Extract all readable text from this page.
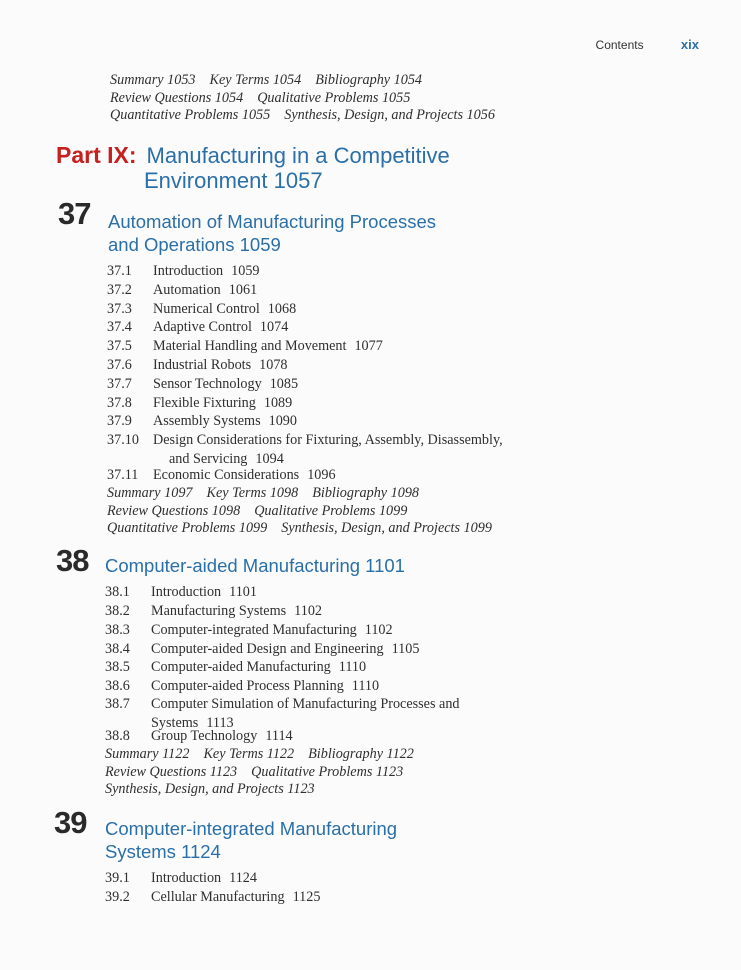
Contents	xix
Summary 1053 Key Terms 1054 Bibliography 1054
Review Questions 1054 Qualitative Problems 1055
Quantitative Problems 1055 Synthesis, Design, and Projects 1056
Part IX: Manufacturing in a Competitive
Environment 1057
37 Automation of Manufacturing Processes
and Operations 1059
37.1 Introduction 1059
37.2 Automation 1061
37.3 Numerical Control 1068
37.4 Adaptive Control 1074
37.5 Material Handling and Movement 1077
37.6 Industrial Robots 1078
37.7 Sensor Technology 1085
37.8 Flexible Fixturing 1089
37.9 Assembly Systems 1090
37.10 Design Considerations for Fixturing, Assembly, Disassembly,
and Servicing 1094
37.11 Economic Considerations 1096
Summary 1097 Key Terms 1098 Bibliography 1098
Review Questions 1098 Qualitative Problems 1099
Quantitative Problems 1099 Synthesis, Design, and Projects 1099
38 Computer-aided Manufacturing 1101
38.1 Introduction 1101
38.2 Manufacturing Systems 1102
38.3 Computer-integrated Manufacturing 1102
38.4 Computer-aided Design and Engineering 1105
38.5 Computer-aided Manufacturing 1110
38.6 Computer-aided Process Planning 1110
38.7 Computer Simulation of Manufacturing Processes and
Systems 1113
38.8 Group Technology 1114
Summary 1122 Key Terms 1122 Bibliography 1122
Review Questions 1123 Qualitative Problems 1123
Synthesis, Design, and Projects 1123
39 Computer-integrated Manufacturing
Systems 1124
39.1 Introduction 1124
39.2 Cellular Manufacturing 1125
